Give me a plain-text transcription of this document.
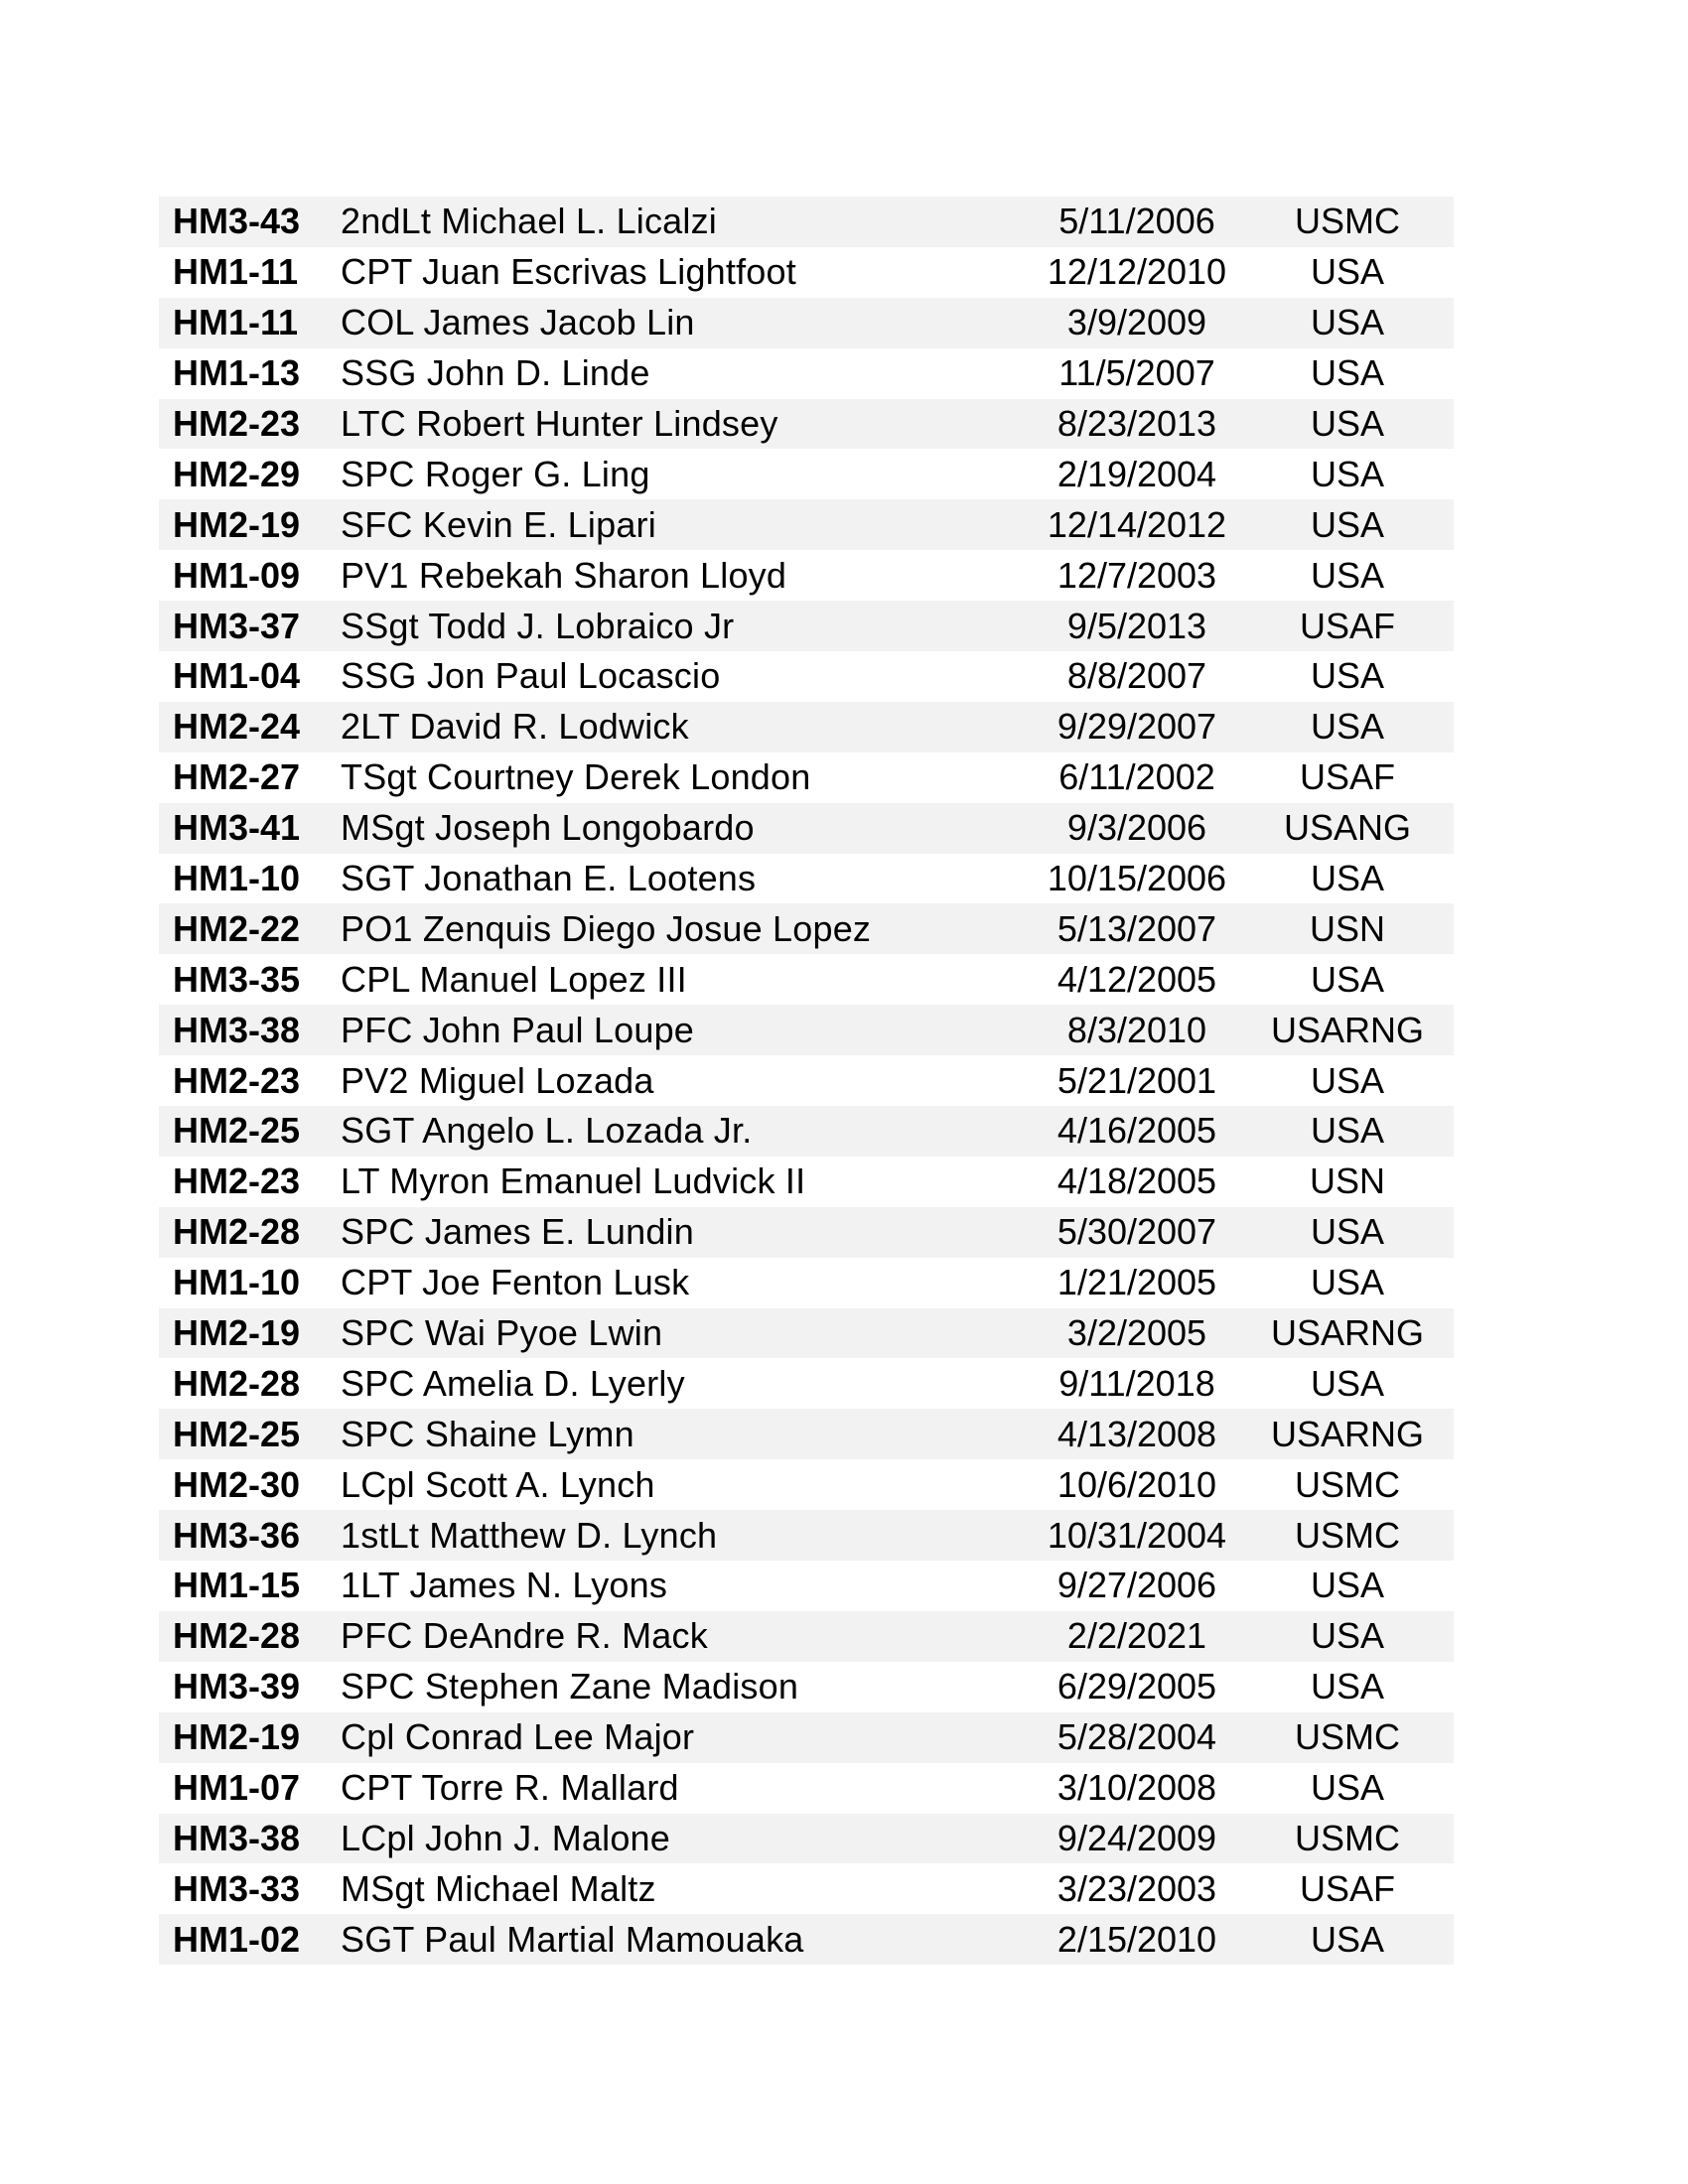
HM3-43	2ndLt Michael L. Licalzi	5/11/2006	USMC
HM1-11	CPT Juan Escrivas Lightfoot	12/12/2010	USA
HM1-11	COL James Jacob Lin	3/9/2009	USA
HM1-13	SSG John D. Linde	11/5/2007	USA
HM2-23	LTC Robert Hunter Lindsey	8/23/2013	USA
HM2-29	SPC Roger G. Ling	2/19/2004	USA
HM2-19	SFC Kevin E. Lipari	12/14/2012	USA
HM1-09	PV1 Rebekah Sharon Lloyd	12/7/2003	USA
HM3-37	SSgt Todd J. Lobraico Jr	9/5/2013	USAF
HM1-04	SSG Jon Paul Locascio	8/8/2007	USA
HM2-24	2LT David R. Lodwick	9/29/2007	USA
HM2-27	TSgt Courtney Derek London	6/11/2002	USAF
HM3-41	MSgt Joseph Longobardo	9/3/2006	USANG
HM1-10	SGT Jonathan E. Lootens	10/15/2006	USA
HM2-22	PO1 Zenquis Diego Josue Lopez	5/13/2007	USN
HM3-35	CPL Manuel Lopez III	4/12/2005	USA
HM3-38	PFC John Paul Loupe	8/3/2010	USARNG
HM2-23	PV2 Miguel Lozada	5/21/2001	USA
HM2-25	SGT Angelo L. Lozada Jr.	4/16/2005	USA
HM2-23	LT Myron Emanuel Ludvick II	4/18/2005	USN
HM2-28	SPC James E. Lundin	5/30/2007	USA
HM1-10	CPT Joe Fenton Lusk	1/21/2005	USA
HM2-19	SPC Wai Pyoe Lwin	3/2/2005	USARNG
HM2-28	SPC Amelia D. Lyerly	9/11/2018	USA
HM2-25	SPC Shaine Lymn	4/13/2008	USARNG
HM2-30	LCpl Scott A. Lynch	10/6/2010	USMC
HM3-36	1stLt Matthew D. Lynch	10/31/2004	USMC
HM1-15	1LT James N. Lyons	9/27/2006	USA
HM2-28	PFC DeAndre R. Mack	2/2/2021	USA
HM3-39	SPC Stephen Zane Madison	6/29/2005	USA
HM2-19	Cpl Conrad Lee Major	5/28/2004	USMC
HM1-07	CPT Torre R. Mallard	3/10/2008	USA
HM3-38	LCpl John J. Malone	9/24/2009	USMC
HM3-33	MSgt Michael Maltz	3/23/2003	USAF
HM1-02	SGT Paul Martial Mamouaka	2/15/2010	USA
